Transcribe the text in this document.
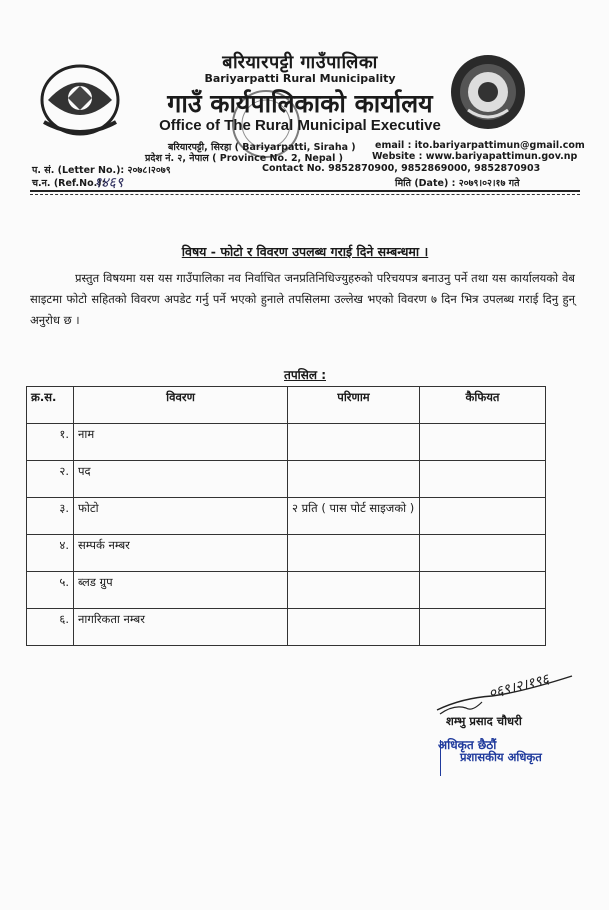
बरियारपट्टी गाउँपालिका
Bariyarpatti Rural Municipality
गाउँ कार्यपालिकाको कार्यालय
Office of The Rural Municipal Executive
बरियारपट्टी, सिरहा ( Bariyarpatti, Siraha ) email : ito.bariyarpattimun@gmail.com
प्रदेश नं. २, नेपाल ( Province No. 2, Nepal )	Website : www.bariyapattimun.gov.np
प. सं. (Letter No.): २०७८।२०७९	Contact No. 9852870900, 9852869000, 9852870903
च.न. (Ref.No.):
१४६९	मिति (Date) : २०७९।०२।१७ गते
विषय - फोटो र विवरण उपलब्ध गराई दिने सम्बन्धमा ।
प्रस्तुत विषयमा यस यस गाउँपालिका नव निर्वाचित जनप्रतिनिधिज्युहरुको परिचयपत्र बनाउनु पर्ने तथा यस कार्यालयको वेब साइटमा फोटो सहितको विवरण अपडेट गर्नु पर्ने भएको हुनाले तपसिलमा उल्लेख भएको विवरण ७ दिन भित्र उपलब्ध गराई दिनु हुन् अनुरोध छ ।
तपसिल :
क्र.स.	विवरण	परिणाम	कैफियत
१.	नाम		
२.	पद		
३.	फोटो	२ प्रति ( पास पोर्ट साइजको )	
४.	सम्पर्क नम्बर		
५.	ब्लड ग्रुप		
६.	नागरिकता नम्बर		
०६९।२।१९६
शम्भु प्रसाद चौधरी
अधिकृत छैठौं
प्रशासकीय अधिकृत
